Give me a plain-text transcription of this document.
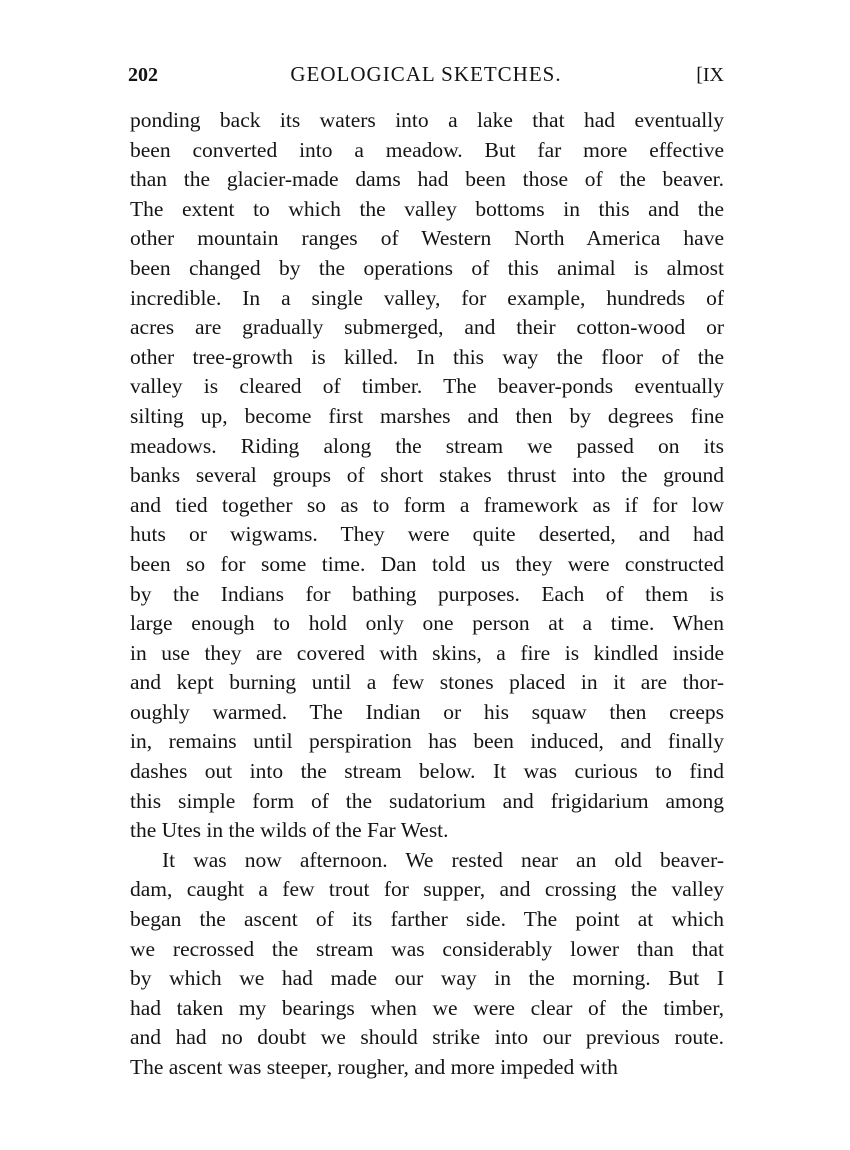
202	GEOLOGICAL SKETCHES.	[IX
ponding back its waters into a lake that had eventually
been converted into a meadow. But far more effective
than the glacier-made dams had been those of the beaver.
The extent to which the valley bottoms in this and the
other mountain ranges of Western North America have
been changed by the operations of this animal is almost
incredible. In a single valley, for example, hundreds of
acres are gradually submerged, and their cotton-wood or
other tree-growth is killed. In this way the floor of the
valley is cleared of timber. The beaver-ponds eventually
silting up, become first marshes and then by degrees fine
meadows. Riding along the stream we passed on its
banks several groups of short stakes thrust into the ground
and tied together so as to form a framework as if for low
huts or wigwams. They were quite deserted, and had
been so for some time. Dan told us they were constructed
by the Indians for bathing purposes. Each of them is
large enough to hold only one person at a time. When
in use they are covered with skins, a fire is kindled inside
and kept burning until a few stones placed in it are thor-
oughly warmed. The Indian or his squaw then creeps
in, remains until perspiration has been induced, and finally
dashes out into the stream below. It was curious to find
this simple form of the sudatorium and frigidarium among
the Utes in the wilds of the Far West.
It was now afternoon. We rested near an old beaver-
dam, caught a few trout for supper, and crossing the valley
began the ascent of its farther side. The point at which
we recrossed the stream was considerably lower than that
by which we had made our way in the morning. But I
had taken my bearings when we were clear of the timber,
and had no doubt we should strike into our previous route.
The ascent was steeper, rougher, and more impeded with
